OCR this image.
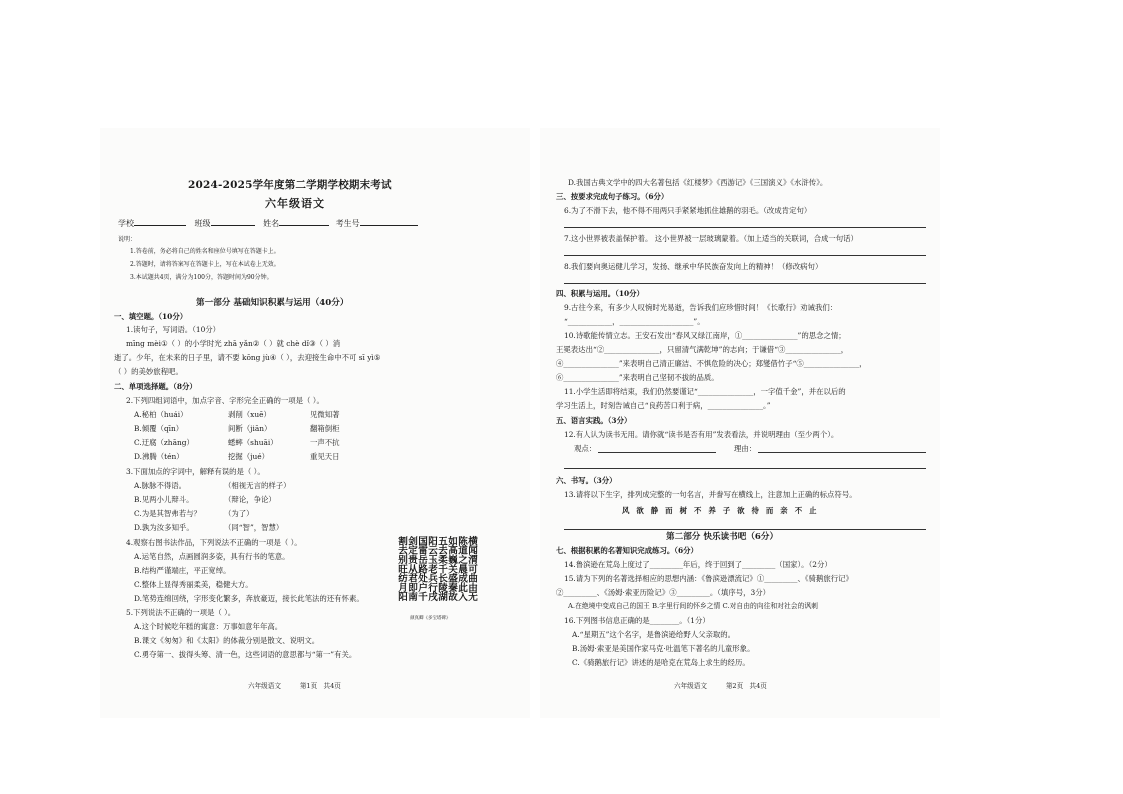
2024-2025学年度第二学期学校期末考试
六年级语文
学校	班级	姓名	考生号
说明：
1.答卷前，务必将自己的姓名和座位号填写在答题卡上。
2.答题时，请将答案写在答题卡上，写在本试卷上无效。
3.本试题共4页，满分为100分，答题时间为90分钟。
第一部分 基础知识积累与运用（40分）
一、填空题。（10分）
1.读句子，写词语。（10分）
mīng mèi①（ ）的小学时光 zhā yǎn②（ ）就 chè dǐ③（ ）消
逝了。少年，在未来的日子里，请不要 kōng jù④（ ），去迎接生命中不可 sī yì⑤
（ ）的美妙旅程吧。
二、单项选择题。（8分）
2.下列四组词语中，加点字音、字形完全正确的一项是（ ）。
A.秘柏（huái）	剥削（xuē）	见微知著
B.倾覆（qīn）	间断（jiān）	翻箱倒柜
C.迂腐（zhāng）	蟋蟀（shuāi）	一声不抗
D.沸腾（tén）	挖掘（jué）	重见天日
3.下面加点的字词中，解释有误的是（ ）。
A.脉脉不得语。	（相视无言的样子）
B.见两小儿辩斗。	（辩论，争论）
C.为是其智弗若与？	（为了）
D.孰为汝多知乎。	（同“智”，智慧）
4.观察右图书法作品，下列说法不正确的一项是（ ）。
A.运笔自然，点画圆润多姿，具有行书的笔意。
B.结构严谨端庄，平正宽绰。
C.整体上显得秀丽柔美，稳健大方。
D.笔势连绵回绕，字形变化繁多，奔放豪迈，接长此笔法的还有怀素。	横闻渭可曲由无
陈道之晨成此入
如高巍关盛秦故
五去柔千长陵湖
阳云玉老兵行戌
国雷岳路处户千
剑定贵从君即南
割去别旺纺月阳
颜真卿《多宝塔碑》
5.下列说法不正确的一项是（ ）。
A.这个时候吃年糕的寓意：万事如意年年高。
B.课文《匆匆》和《太阳》的体裁分别是散文、说明文。
C.勇夺第一、拔得头筹、清一色，这些词语的意思都与“第一”有关。
六年级语文         第1页   共4页
D.我国古典文学中的四大名著包括《红楼梦》《西游记》《三国演义》《水浒传》。
三、按要求完成句子练习。（6分）
6.为了不滑下去，他不得不用两只手紧紧地抓住雄鹅的羽毛。（改成肯定句）
7.这小世界被表盖保护着。 这小世界被一层玻璃蒙着。（加上适当的关联词，合成一句话）
8.我们要向奥运健儿学习，发扬、继承中华民族奋发向上的精神！（修改病句）
四、积累与运用。（10分）
9.古往今来，有多少人叹惋时光易逝，告诉我们应珍惜时间！《长歌行》劝诫我们：
“____________，____________________”。
10.诗歌能传情立志。王安石发出“春风又绿江南岸，①_______________”的思念之情；
王冕表达出“②_______________，只留清气满乾坤”的志向；于谦借“③_______________，
④_______________”来表明自己清正廉洁、不惧危险的决心；郑燮借竹子“⑤_______________，
⑥_______________”来表明自己坚韧不拔的品质。
11.小学生活即将结束，我们仍然要谨记“_______________，一字值千金”，并在以后的
学习生活上，时刻告诫自己“良药苦口利于病，_______________。”
五、语言实践。（3分）
12.有人认为读书无用。请你就“读书是否有用”发表看法，并说明理由（至少两个）。
观点：	理由：
六、书写。（3分）
13.请将以下生字，排列成完整的一句名言，并誊写在横线上，注意加上正确的标点符号。
风欲静而树不养子欲待而亲不止
第二部分 快乐读书吧（6分）
七、根据积累的名著知识完成练习。（6分）
14.鲁滨逊在荒岛上度过了_________年后，终于回到了_________（国家）。（2分）
15.请为下列的名著选择相应的思想内涵：《鲁滨逊漂流记》①_________、《骑鹅旅行记》
②_________、《汤姆·索亚历险记》③_________。（填序号，3分）
A.在绝境中变成自己的国王 B.字里行间的怀乡之情 C.对自由的向往和对社会的讽刺
16.下列图书信息正确的是________。（1分）
A.“星期五”这个名字，是鲁滨逊给野人父亲取的。
B.汤姆·索亚是美国作家马克·吐温笔下著名的儿童形象。
C.《骑鹅旅行记》讲述的是哈克在荒岛上求生的经历。
六年级语文         第2页   共4页
